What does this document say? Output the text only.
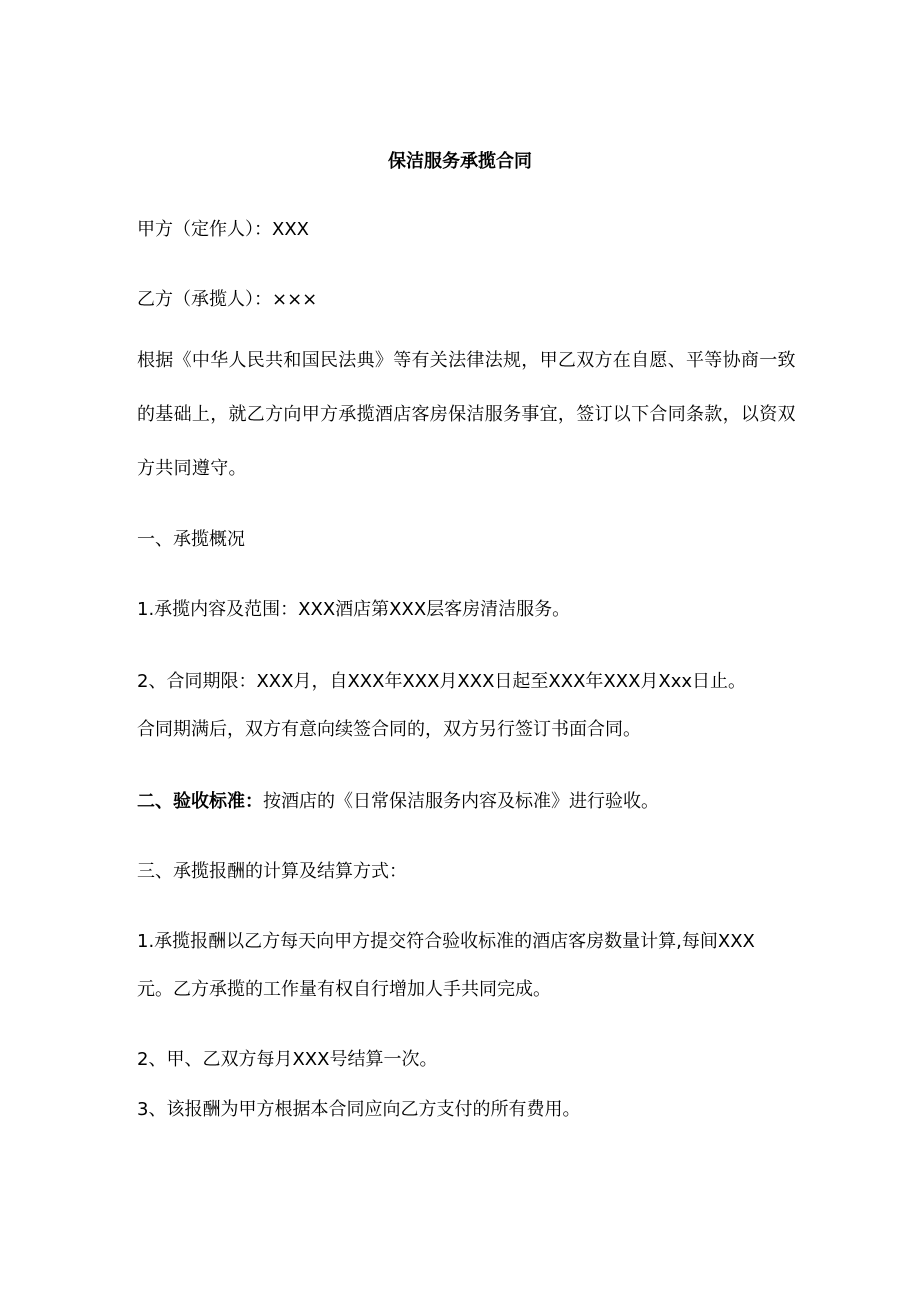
保洁服务承揽合同
甲方（定作人）：XXX
乙方（承揽人）：×××
根据《中华人民共和国民法典》等有关法律法规，甲乙双方在自愿、平等协商一致的基础上，就乙方向甲方承揽酒店客房保洁服务事宜，签订以下合同条款，以资双方共同遵守。
一、承揽概况
1.承揽内容及范围：XXX酒店第XXX层客房清洁服务。
2、合同期限：XXX月，自XXX年XXX月XXX日起至XXX年XXX月Xxx日止。
合同期满后，双方有意向续签合同的，双方另行签订书面合同。
二、验收标准：按酒店的《日常保洁服务内容及标准》进行验收。
三、承揽报酬的计算及结算方式：
1.承揽报酬以乙方每天向甲方提交符合验收标准的酒店客房数量计算,每间XXX
元。乙方承揽的工作量有权自行增加人手共同完成。
2、甲、乙双方每月XXX号结算一次。
3、该报酬为甲方根据本合同应向乙方支付的所有费用。
